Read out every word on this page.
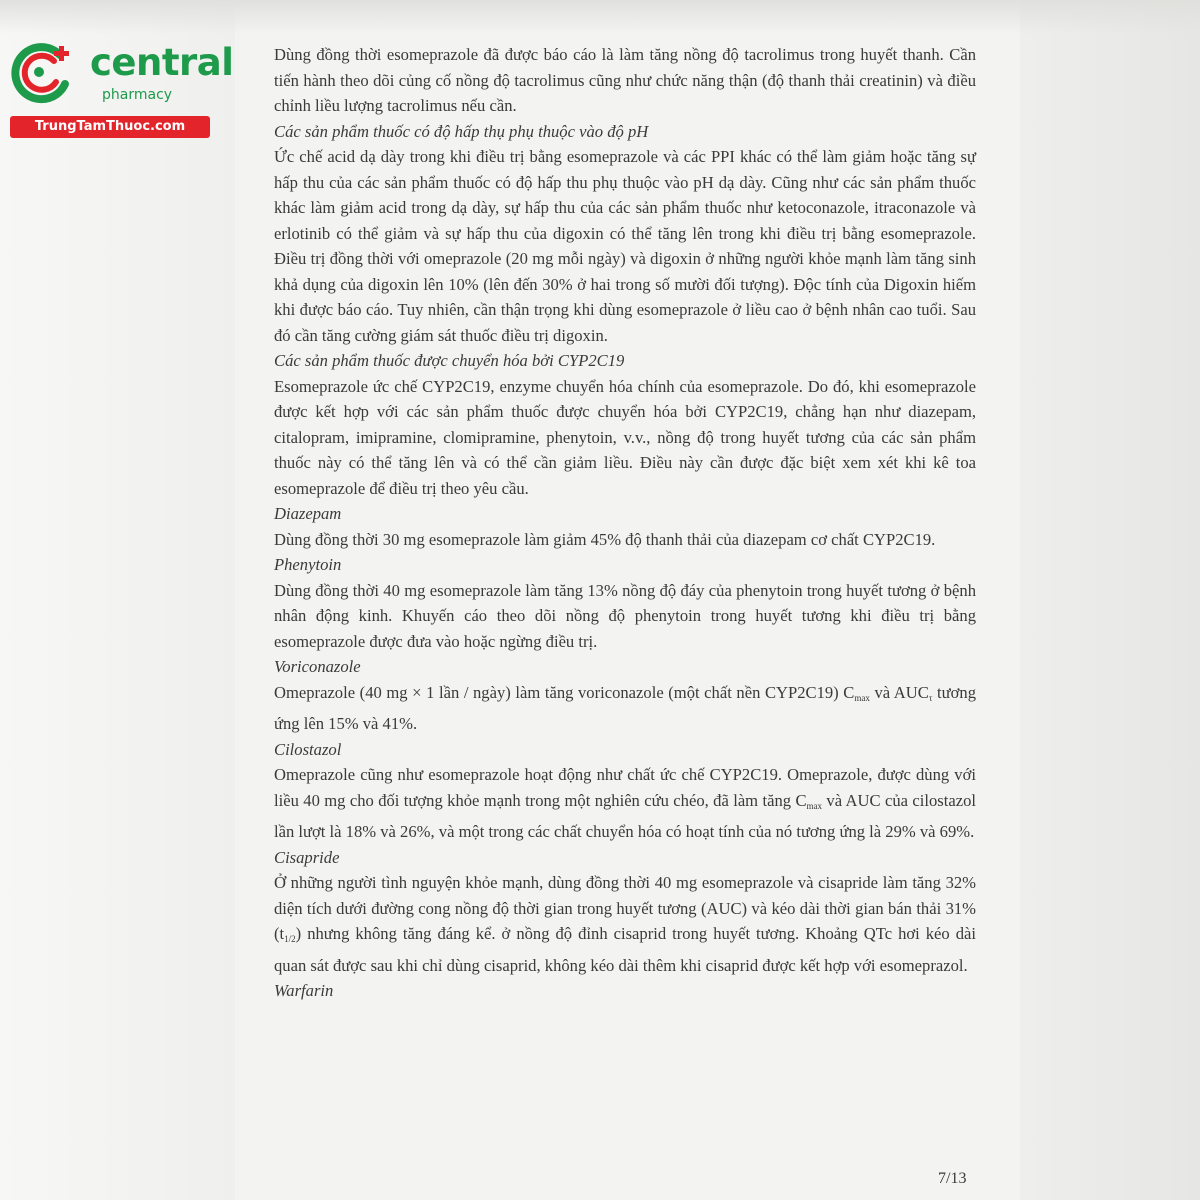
central
pharmacy
TrungTamThuoc.com

Dùng đồng thời esomeprazole đã được báo cáo là làm tăng nồng độ tacrolimus trong huyết thanh. Cần tiến hành theo dõi củng cố nồng độ tacrolimus cũng như chức năng thận (độ thanh thải creatinin) và điều chỉnh liều lượng tacrolimus nếu cần.

Các sản phẩm thuốc có độ hấp thụ phụ thuộc vào độ pH

Ức chế acid dạ dày trong khi điều trị bằng esomeprazole và các PPI khác có thể làm giảm hoặc tăng sự hấp thu của các sản phẩm thuốc có độ hấp thu phụ thuộc vào pH dạ dày. Cũng như các sản phẩm thuốc khác làm giảm acid trong dạ dày, sự hấp thu của các sản phẩm thuốc như ketoconazole, itraconazole và erlotinib có thể giảm và sự hấp thu của digoxin có thể tăng lên trong khi điều trị bằng esomeprazole. Điều trị đồng thời với omeprazole (20 mg mỗi ngày) và digoxin ở những người khỏe mạnh làm tăng sinh khả dụng của digoxin lên 10% (lên đến 30% ở hai trong số mười đối tượng). Độc tính của Digoxin hiếm khi được báo cáo. Tuy nhiên, cần thận trọng khi dùng esomeprazole ở liều cao ở bệnh nhân cao tuổi. Sau đó cần tăng cường giám sát thuốc điều trị digoxin.

Các sản phẩm thuốc được chuyển hóa bởi CYP2C19

Esomeprazole ức chế CYP2C19, enzyme chuyển hóa chính của esomeprazole. Do đó, khi esomeprazole được kết hợp với các sản phẩm thuốc được chuyển hóa bởi CYP2C19, chẳng hạn như diazepam, citalopram, imipramine, clomipramine, phenytoin, v.v., nồng độ trong huyết tương của các sản phẩm thuốc này có thể tăng lên và có thể cần giảm liều. Điều này cần được đặc biệt xem xét khi kê toa esomeprazole để điều trị theo yêu cầu.

Diazepam

Dùng đồng thời 30 mg esomeprazole làm giảm 45% độ thanh thải của diazepam cơ chất CYP2C19.

Phenytoin

Dùng đồng thời 40 mg esomeprazole làm tăng 13% nồng độ đáy của phenytoin trong huyết tương ở bệnh nhân động kinh. Khuyến cáo theo dõi nồng độ phenytoin trong huyết tương khi điều trị bằng esomeprazole được đưa vào hoặc ngừng điều trị.

Voriconazole

Omeprazole (40 mg × 1 lần / ngày) làm tăng voriconazole (một chất nền CYP2C19) $C_{max}$ và $AUC_\tau$ tương ứng lên 15% và 41%.

Cilostazol

Omeprazole cũng như esomeprazole hoạt động như chất ức chế CYP2C19. Omeprazole, được dùng với liều 40 mg cho đối tượng khỏe mạnh trong một nghiên cứu chéo, đã làm tăng $C_{max}$ và AUC của cilostazol lần lượt là 18% và 26%, và một trong các chất chuyển hóa có hoạt tính của nó tương ứng là 29% và 69%.

Cisapride

Ở những người tình nguyện khỏe mạnh, dùng đồng thời 40 mg esomeprazole và cisapride làm tăng 32% diện tích dưới đường cong nồng độ thời gian trong huyết tương (AUC) và kéo dài thời gian bán thải 31% $(t_{1/2})$ nhưng không tăng đáng kể. ở nồng độ đỉnh cisaprid trong huyết tương. Khoảng QTc hơi kéo dài quan sát được sau khi chỉ dùng cisaprid, không kéo dài thêm khi cisaprid được kết hợp với esomeprazol.

Warfarin

7/13
